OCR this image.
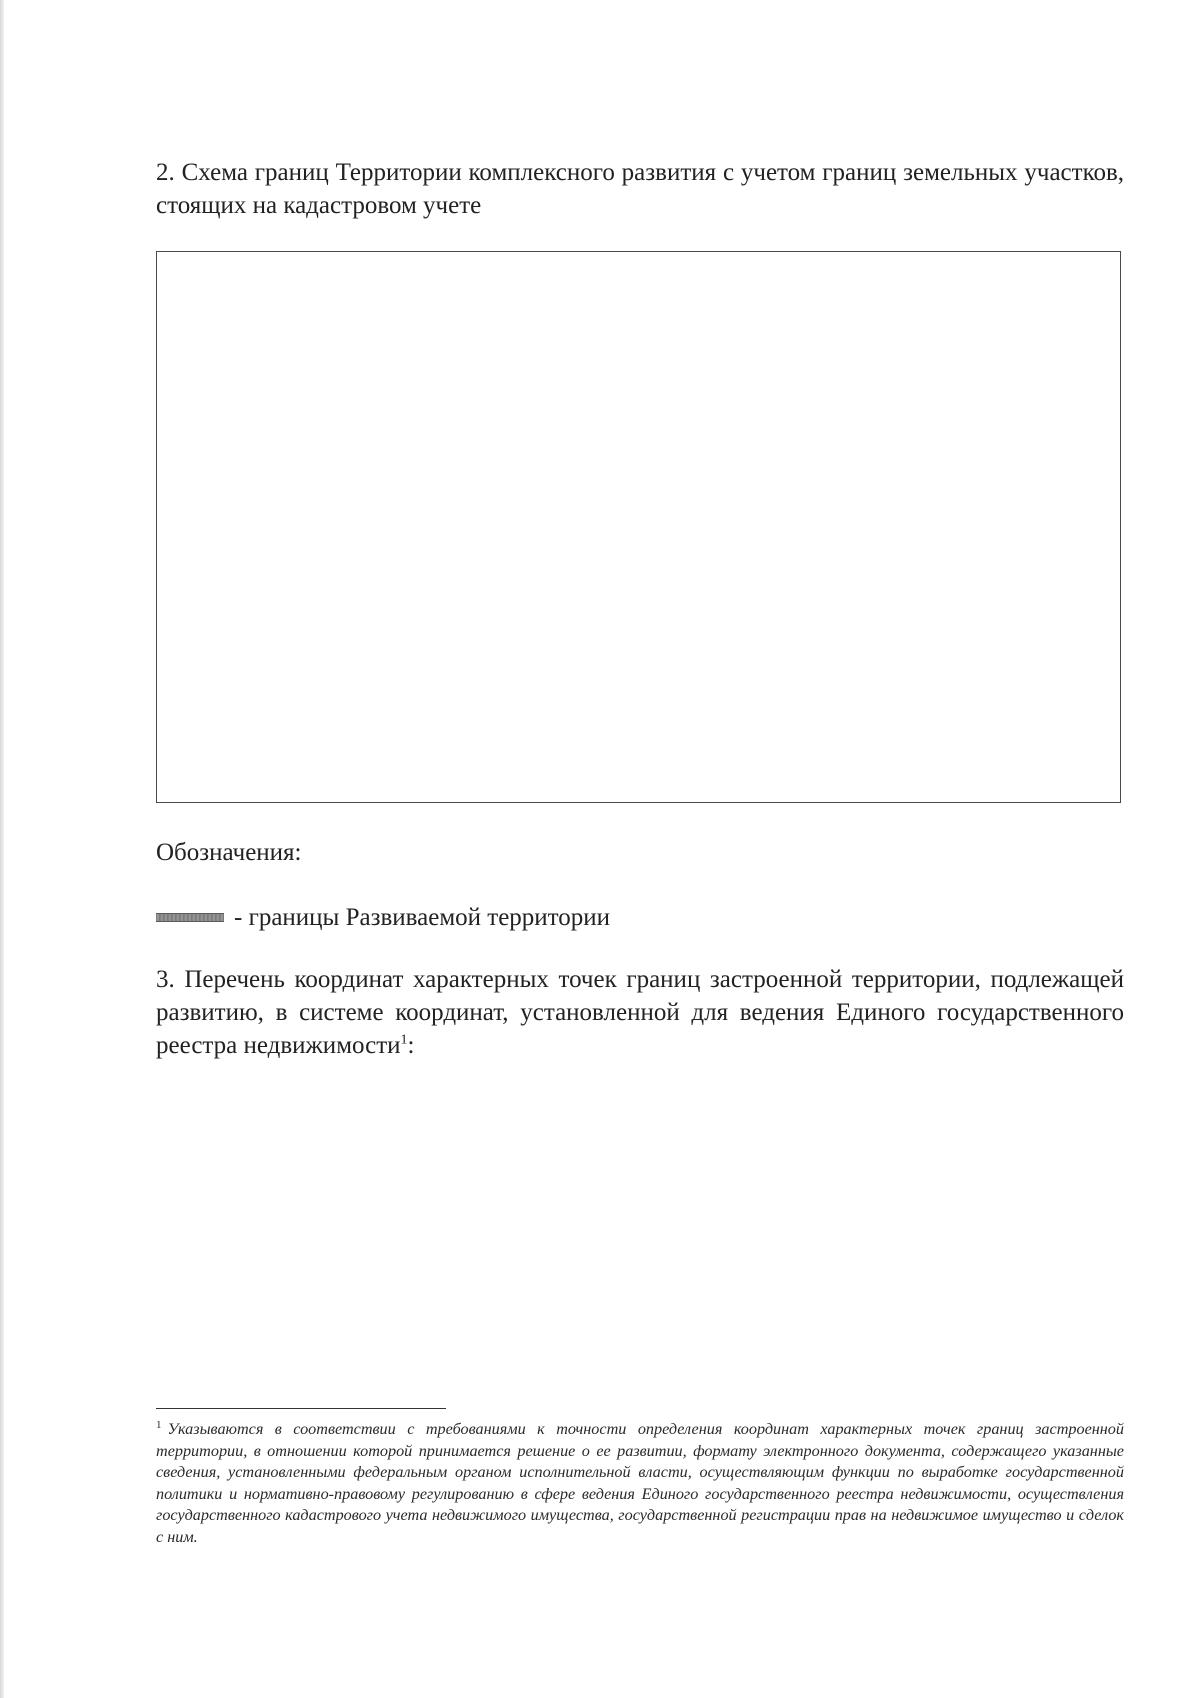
2. Схема границ Территории комплексного развития с учетом границ земельных участков, стоящих на кадастровом учете

Обозначения:

- границы Развиваемой территории

3. Перечень координат характерных точек границ застроенной территории, подлежащей развитию, в системе координат, установленной для ведения Единого государственного реестра недвижимости$^1$:

$^1$ Указываются в соответствии с требованиями к точности определения координат характерных точек границ застроенной территории, в отношении которой принимается решение о ее развитии, формату электронного документа, содержащего указанные сведения, установленными федеральным органом исполнительной власти, осуществляющим функции по выработке государственной политики и нормативно-правовому регулированию в сфере ведения Единого государственного реестра недвижимости, осуществления государственного кадастрового учета недвижимого имущества, государственной регистрации прав на недвижимое имущество и сделок с ним.
